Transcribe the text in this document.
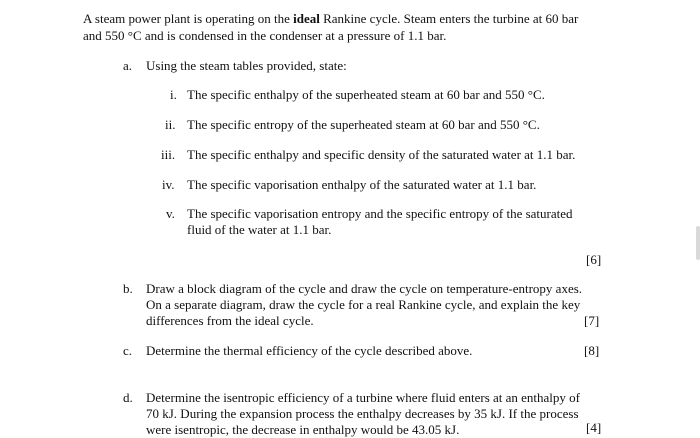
A steam power plant is operating on the ideal Rankine cycle. Steam enters the turbine at 60 bar
and 550 °C and is condensed in the condenser at a pressure of 1.1 bar.
a. Using the steam tables provided, state:
i. The specific enthalpy of the superheated steam at 60 bar and 550 °C.
ii. The specific entropy of the superheated steam at 60 bar and 550 °C.
iii. The specific enthalpy and specific density of the saturated water at 1.1 bar.
iv. The specific vaporisation enthalpy of the saturated water at 1.1 bar.
v. The specific vaporisation entropy and the specific entropy of the saturated
fluid of the water at 1.1 bar.
[6]
b. Draw a block diagram of the cycle and draw the cycle on temperature-entropy axes.
On a separate diagram, draw the cycle for a real Rankine cycle, and explain the key
differences from the ideal cycle.	[7]
c. Determine the thermal efficiency of the cycle described above.	[8]
d. Determine the isentropic efficiency of a turbine where fluid enters at an enthalpy of
70 kJ. During the expansion process the enthalpy decreases by 35 kJ. If the process
were isentropic, the decrease in enthalpy would be 43.05 kJ.	[4]
